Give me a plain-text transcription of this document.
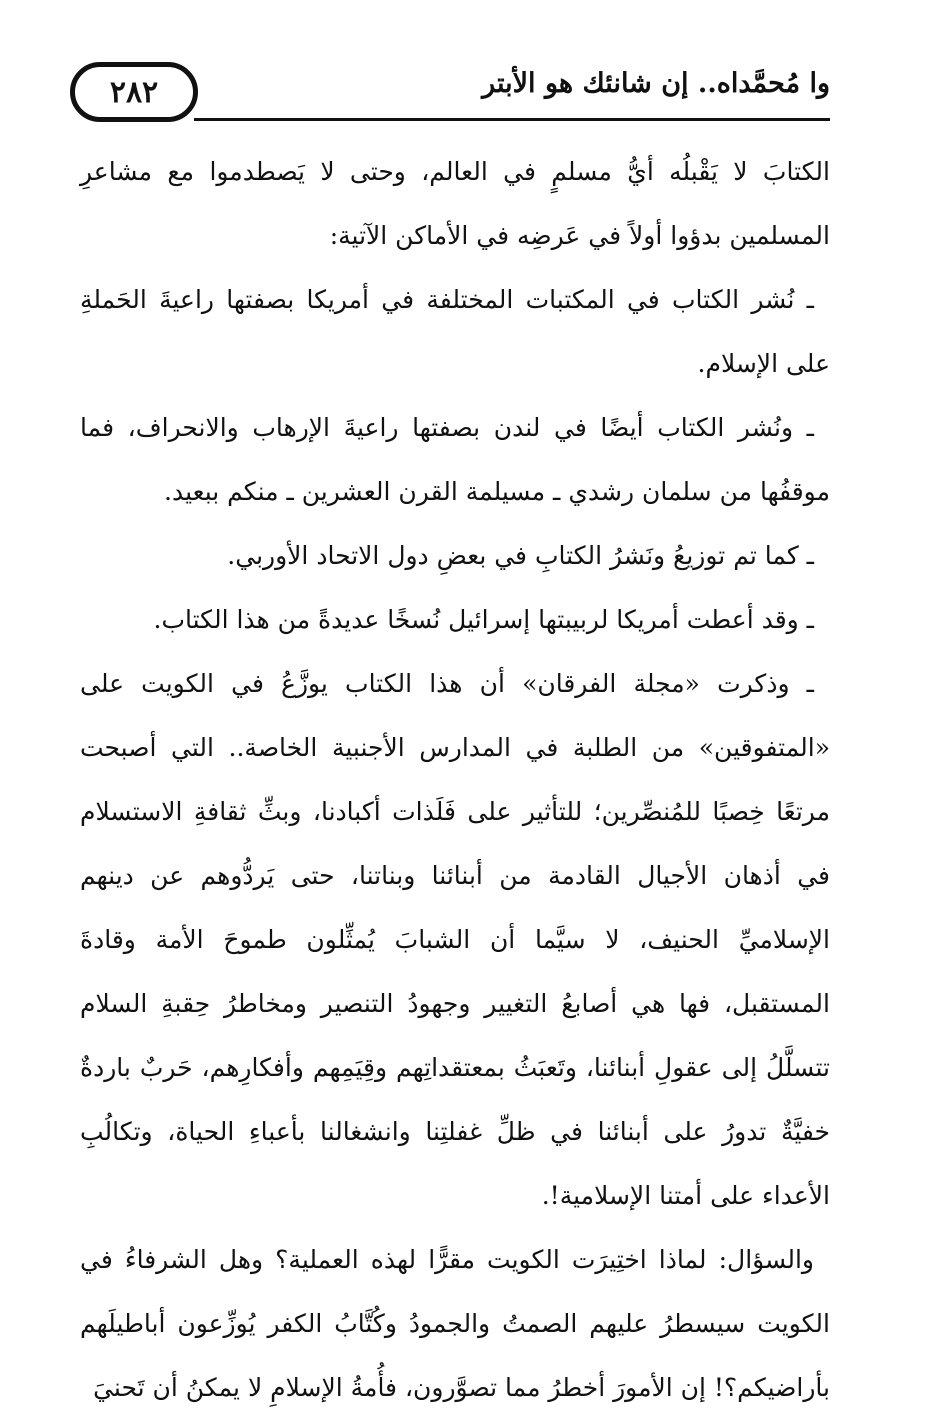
٢٨٢	وا مُحمَّداه.. إن شانئك هو الأبتر

الكتابَ لا يَقْبلُه أيُّ مسلمٍ في العالم، وحتى لا يَصطدموا مع مشاعرِ المسلمين بدؤوا أولاً في عَرضِه في الأماكن الآتية:

ـ نُشر الكتاب في المكتبات المختلفة في أمريكا بصفتها راعيةَ الحَملةِ على الإسلام.

ـ ونُشر الكتاب أيضًا في لندن بصفتها راعيةَ الإرهاب والانحراف، فما موقفُها من سلمان رشدي ـ مسيلمة القرن العشرين ـ منكم ببعيد.

ـ كما تم توزيعُ ونَشرُ الكتابِ في بعضِ دول الاتحاد الأوربي.

ـ وقد أعطت أمريكا لربيبتها إسرائيل نُسخًا عديدةً من هذا الكتاب.

ـ وذكرت «مجلة الفرقان» أن هذا الكتاب يوزَّعُ في الكويت على «المتفوقين» من الطلبة في المدارس الأجنبية الخاصة.. التي أصبحت مرتعًا خِصبًا للمُنصِّرين؛ للتأثير على فَلَذات أكبادنا، وبثِّ ثقافةِ الاستسلام في أذهان الأجيال القادمة من أبنائنا وبناتنا، حتى يَردُّوهم عن دينهم الإسلاميِّ الحنيف، لا سيَّما أن الشبابَ يُمثِّلون طموحَ الأمة وقادةَ المستقبل، فها هي أصابعُ التغيير وجهودُ التنصير ومخاطرُ حِقبةِ السلام تتسلَّلُ إلى عقولِ أبنائنا، وتَعبَثُ بمعتقداتِهم وقِيَمِهم وأفكارِهم، حَربٌ باردةٌ خفيَّةٌ تدورُ على أبنائنا في ظلِّ غفلتِنا وانشغالنا بأعباءِ الحياة، وتكالُبِ الأعداء على أمتنا الإسلامية!.

والسؤال: لماذا اختِيرَت الكويت مقرًّا لهذه العملية؟ وهل الشرفاءُ في الكويت سيسطرُ عليهم الصمتُ والجمودُ وكُتَّابُ الكفر يُوزِّعون أباطيلَهم بأراضيكم؟! إن الأمورَ أخطرُ مما تصوَّرون، فأُمةُ الإسلامِ لا يمكنُ أن تَحنيَ
